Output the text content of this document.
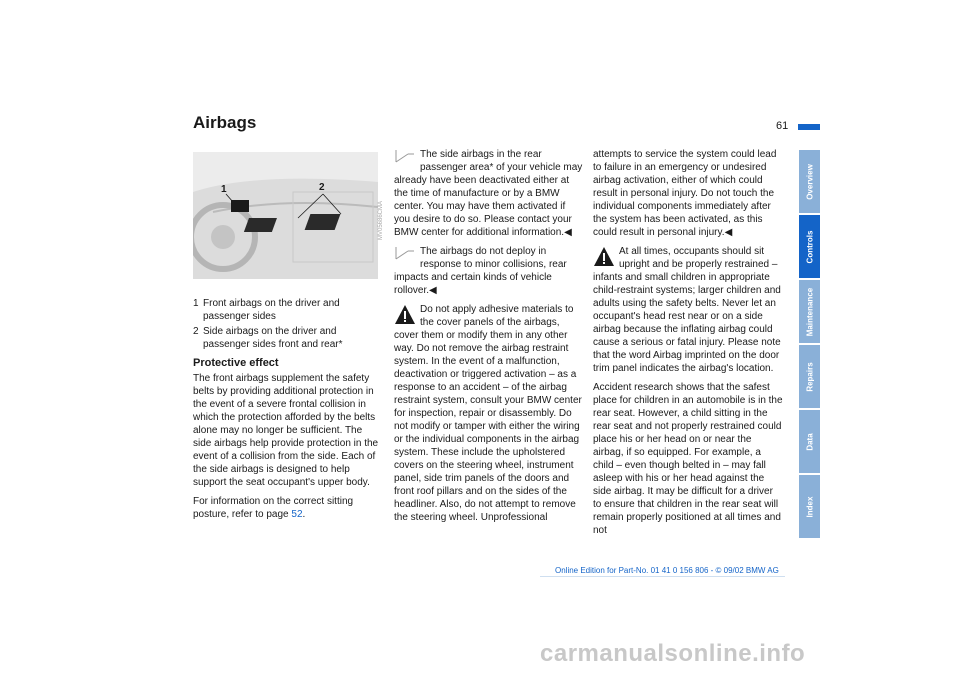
Airbags	61
Overview
Controls
Maintenance
Repairs
Data
Index
1	2
MV05686CMA
1 Front airbags on the driver and passenger sides
2 Side airbags on the driver and passenger sides front and rear*
Protective effect

The front airbags supplement the safety belts by providing additional protection in the event of a severe frontal collision in which the protection afforded by the belts alone may no longer be sufficient. The side airbags help provide protection in the event of a collision from the side. Each of the side airbags is designed to help support the seat occupant's upper body.

For information on the correct sitting posture, refer to page 52.

The side airbags in the rear passenger area* of your vehicle may already have been deactivated either at the time of manufacture or by a BMW center. You may have them activated if you desire to do so. Please contact your BMW center for additional information.◀
The airbags do not deploy in response to minor collisions, rear impacts and certain kinds of vehicle rollover.◀
Do not apply adhesive materials to the cover panels of the airbags, cover them or modify them in any other way. Do not remove the airbag restraint system. In the event of a malfunction, deactivation or triggered activation – as a response to an accident – of the airbag restraint system, consult your BMW center for inspection, repair or disassembly. Do not modify or tamper with either the wiring or the individual components in the airbag system. These include the upholstered covers on the steering wheel, instrument panel, side trim panels of the doors and front roof pillars and on the sides of the headliner. Also, do not attempt to remove the steering wheel. Unprofessional

attempts to service the system could lead to failure in an emergency or undesired airbag activation, either of which could result in personal injury. Do not touch the individual components immediately after the system has been activated, as this could result in personal injury.◀

At all times, occupants should sit upright and be properly restrained – infants and small children in appropriate child-restraint systems; larger children and adults using the safety belts. Never let an occupant's head rest near or on a side airbag because the inflating airbag could cause a serious or fatal injury. Please note that the word Airbag imprinted on the door trim panel indicates the airbag's location.

Accident research shows that the safest place for children in an automobile is in the rear seat. However, a child sitting in the rear seat and not properly restrained could place his or her head on or near the airbag, if so equipped. For example, a child – even though belted in – may fall asleep with his or her head against the side airbag. It may be difficult for a driver to ensure that children in the rear seat will remain properly positioned at all times and not

Online Edition for Part-No. 01 41 0 156 806 - © 09/02 BMW AG
carmanualsonline.info
